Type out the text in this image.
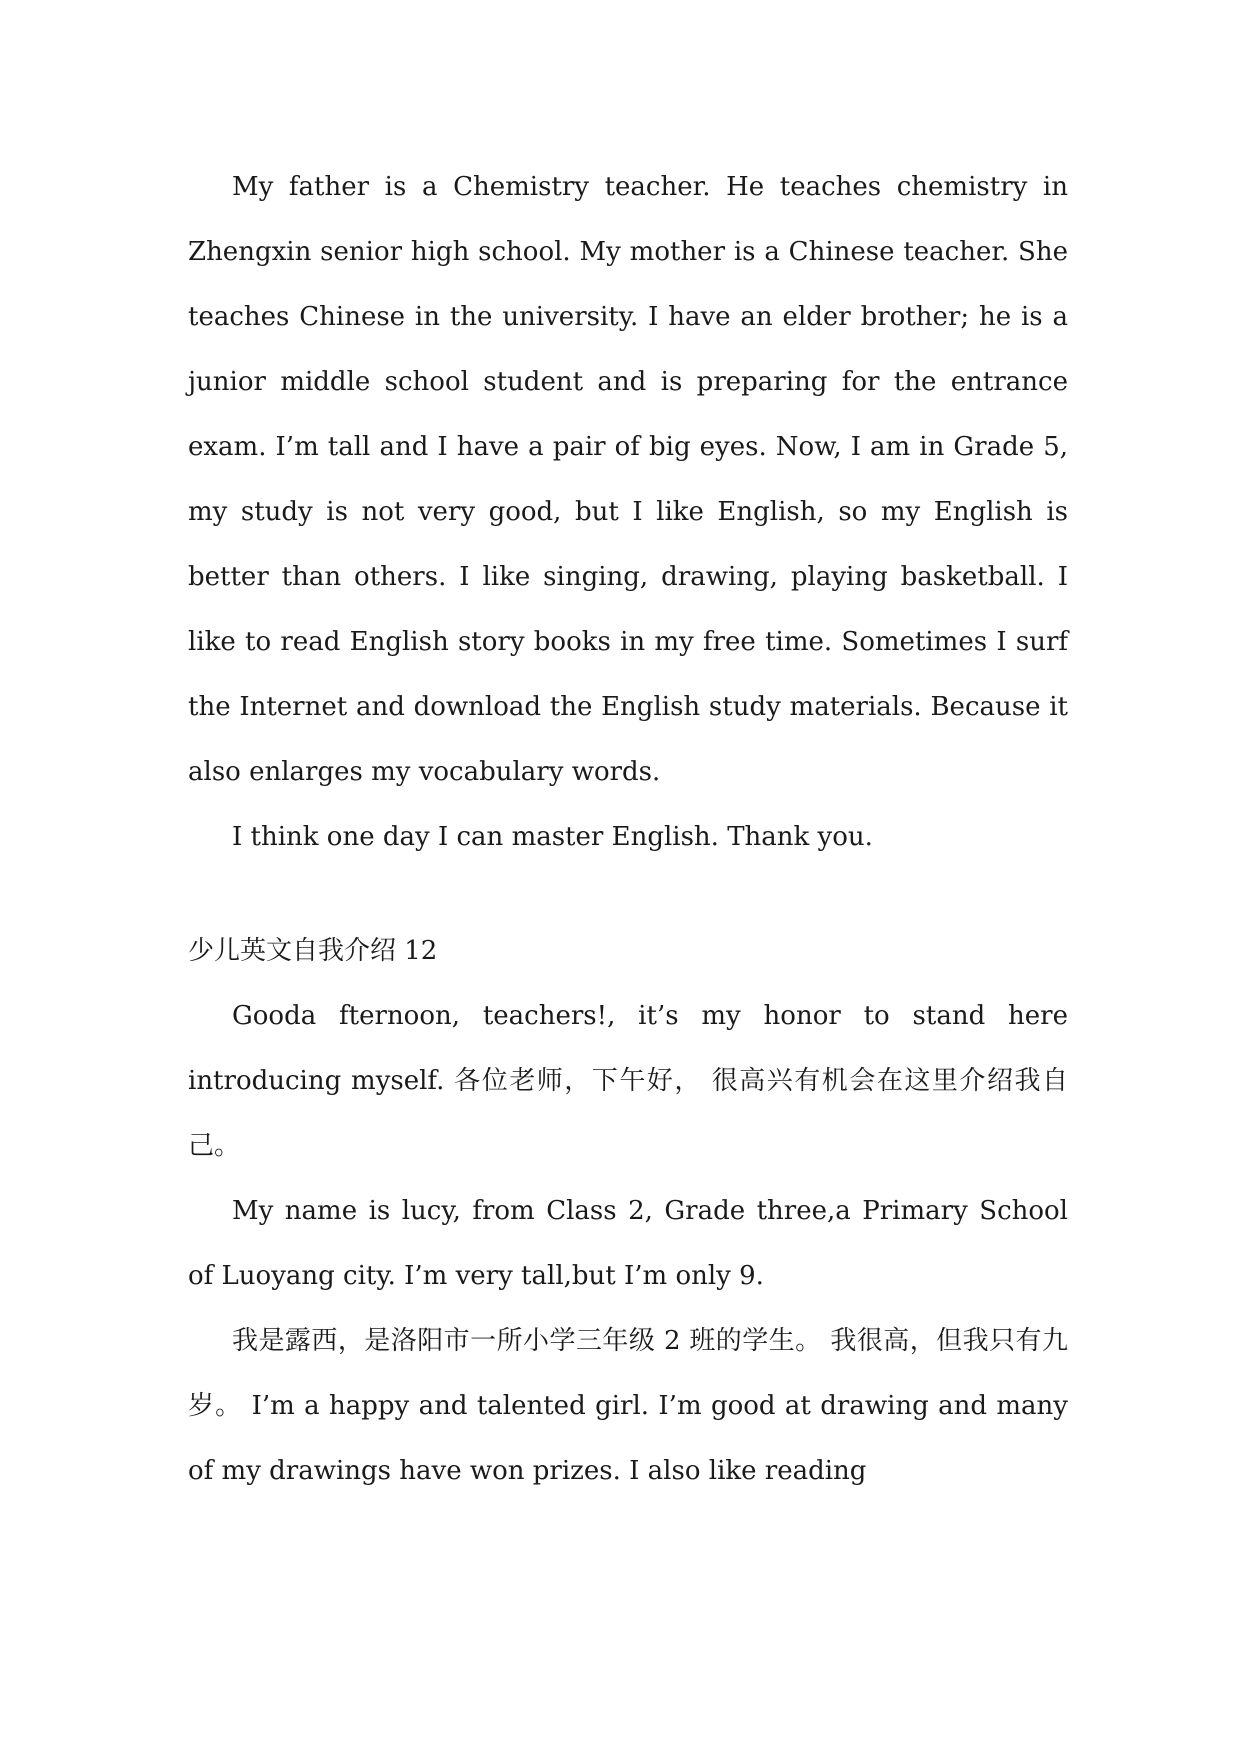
My father is a Chemistry teacher. He teaches chemistry in Zhengxin senior high school. My mother is a Chinese teacher. She teaches Chinese in the university. I have an elder brother; he is a junior middle school student and is preparing for the entrance exam. I’m tall and I have a pair of big eyes. Now, I am in Grade 5, my study is not very good, but I like English, so my English is better than others. I like singing, drawing, playing basketball. I like to read English story books in my free time. Sometimes I surf the Internet and download the English study materials. Because it also enlarges my vocabulary words.

I think one day I can master English. Thank you.

少儿英文自我介绍 12

Gooda fternoon, teachers!, it’s my honor to stand here introducing myself. 各位老师，下午好， 很高兴有机会在这里介绍我自己。

My name is lucy, from Class 2, Grade three,a Primary School of Luoyang city. I’m very tall,but I’m only 9.

我是露西，是洛阳市一所小学三年级 2 班的学生。 我很高，但我只有九岁。 I’m a happy and talented girl. I’m good at drawing and many of my drawings have won prizes. I also like reading
